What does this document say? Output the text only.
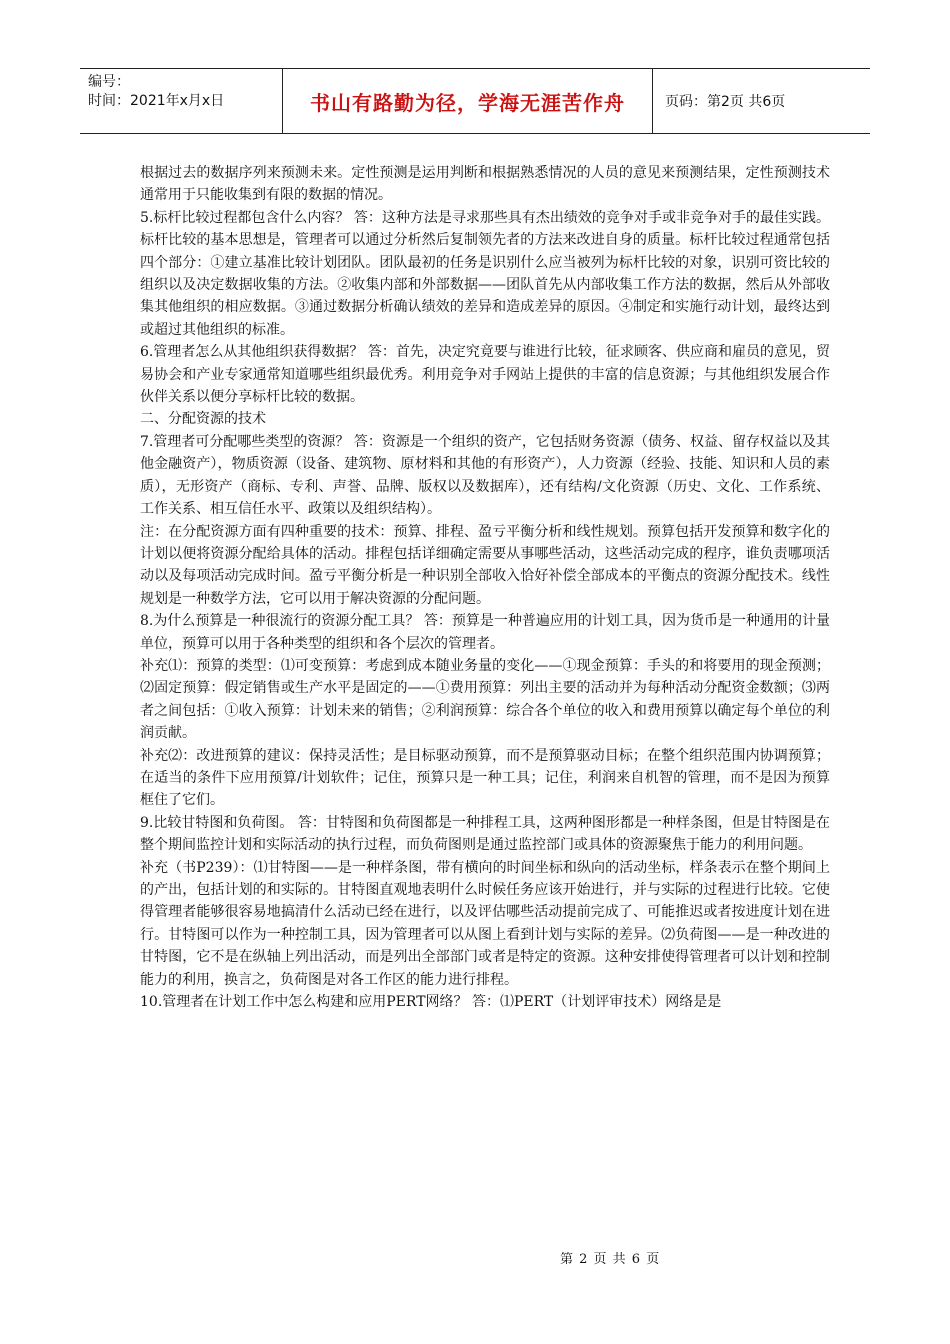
编号：
时间：2021年x月x日	书山有路勤为径，学海无涯苦作舟	页码：第2页 共6页

根据过去的数据序列来预测未来。定性预测是运用判断和根据熟悉情况的人员的意见来预测结果，定性预测技术通常用于只能收集到有限的数据的情况。

5.标杆比较过程都包含什么内容？ 答：这种方法是寻求那些具有杰出绩效的竞争对手或非竞争对手的最佳实践。标杆比较的基本思想是，管理者可以通过分析然后复制领先者的方法来改进自身的质量。标杆比较过程通常包括四个部分：①建立基准比较计划团队。团队最初的任务是识别什么应当被列为标杆比较的对象，识别可资比较的组织以及决定数据收集的方法。②收集内部和外部数据——团队首先从内部收集工作方法的数据，然后从外部收集其他组织的相应数据。③通过数据分析确认绩效的差异和造成差异的原因。④制定和实施行动计划，最终达到或超过其他组织的标准。

6.管理者怎么从其他组织获得数据？ 答：首先，决定究竟要与谁进行比较，征求顾客、供应商和雇员的意见，贸易协会和产业专家通常知道哪些组织最优秀。利用竞争对手网站上提供的丰富的信息资源；与其他组织发展合作伙伴关系以便分享标杆比较的数据。

二、分配资源的技术

7.管理者可分配哪些类型的资源？ 答：资源是一个组织的资产，它包括财务资源（债务、权益、留存权益以及其他金融资产），物质资源（设备、建筑物、原材料和其他的有形资产），人力资源（经验、技能、知识和人员的素质），无形资产（商标、专利、声誉、品牌、版权以及数据库），还有结构/文化资源（历史、文化、工作系统、工作关系、相互信任水平、政策以及组织结构）。

注：在分配资源方面有四种重要的技术：预算、排程、盈亏平衡分析和线性规划。预算包括开发预算和数字化的计划以便将资源分配给具体的活动。排程包括详细确定需要从事哪些活动，这些活动完成的程序，谁负责哪项活动以及每项活动完成时间。盈亏平衡分析是一种识别全部收入恰好补偿全部成本的平衡点的资源分配技术。线性规划是一种数学方法，它可以用于解决资源的分配问题。

8.为什么预算是一种很流行的资源分配工具？ 答：预算是一种普遍应用的计划工具，因为货币是一种通用的计量单位，预算可以用于各种类型的组织和各个层次的管理者。

补充⑴：预算的类型：⑴可变预算：考虑到成本随业务量的变化——①现金预算：手头的和将要用的现金预测；⑵固定预算：假定销售或生产水平是固定的——①费用预算：列出主要的活动并为每种活动分配资金数额；⑶两者之间包括：①收入预算：计划未来的销售；②利润预算：综合各个单位的收入和费用预算以确定每个单位的利润贡献。

补充⑵：改进预算的建议：保持灵活性；是目标驱动预算，而不是预算驱动目标；在整个组织范围内协调预算；在适当的条件下应用预算/计划软件；记住，预算只是一种工具；记住，利润来自机智的管理，而不是因为预算框住了它们。

9.比较甘特图和负荷图。 答：甘特图和负荷图都是一种排程工具，这两种图形都是一种样条图，但是甘特图是在整个期间监控计划和实际活动的执行过程，而负荷图则是通过监控部门或具体的资源聚焦于能力的利用问题。

补充（书P239）：⑴甘特图——是一种样条图，带有横向的时间坐标和纵向的活动坐标，样条表示在整个期间上的产出，包括计划的和实际的。甘特图直观地表明什么时候任务应该开始进行，并与实际的过程进行比较。它使得管理者能够很容易地搞清什么活动已经在进行，以及评估哪些活动提前完成了、可能推迟或者按进度计划在进行。甘特图可以作为一种控制工具，因为管理者可以从图上看到计划与实际的差异。⑵负荷图——是一种改进的甘特图，它不是在纵轴上列出活动，而是列出全部部门或者是特定的资源。这种安排使得管理者可以计划和控制能力的利用，换言之，负荷图是对各工作区的能力进行排程。

10.管理者在计划工作中怎么构建和应用PERT网络？ 答：⑴PERT（计划评审技术）网络是是

第 2 页 共 6 页
